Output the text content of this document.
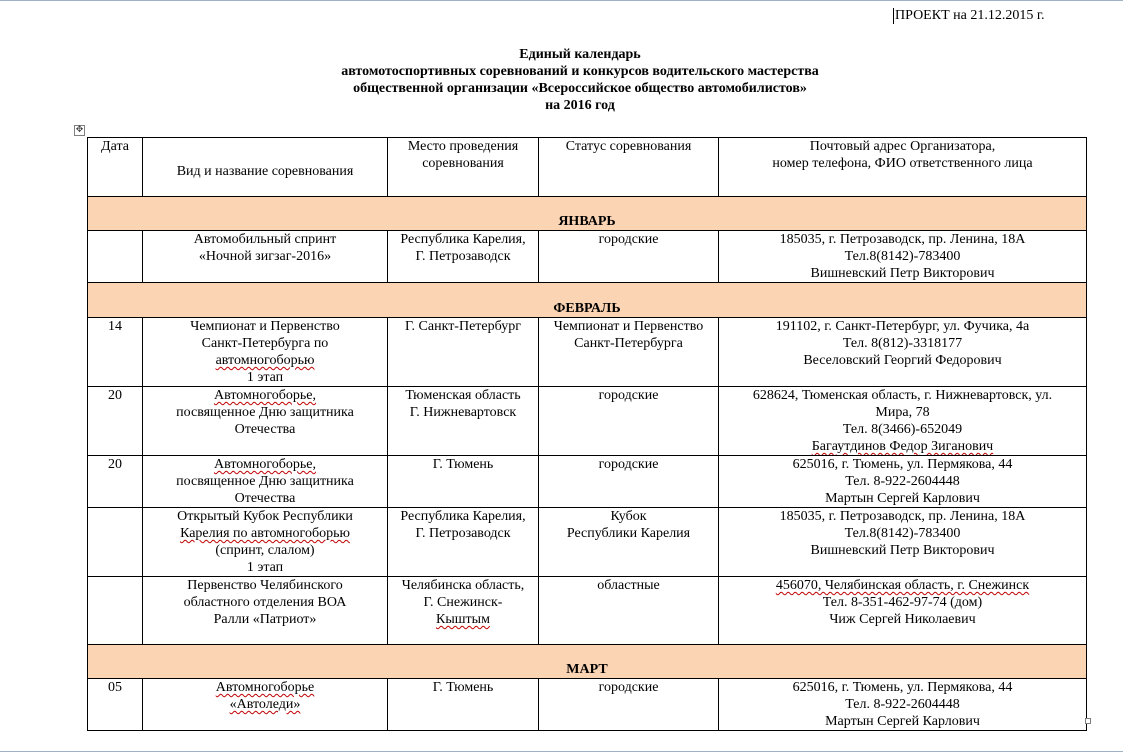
ПРОЕКТ на 21.12.2015 г.
Единый календарь
автомотоспортивных соревнований и конкурсов водительского мастерства
общественной организации «Всероссийское общество автомобилистов»
на 2016 год
✥
Дата	Вид и название соревнования	Место проведения
соревнования	Статус соревнования	Почтовый адрес Организатора,
номер телефона, ФИО ответственного лица

ЯНВАРЬ				

	Автомобильный спринт
«Ночной зигзаг-2016»	Республика Карелия,
Г. Петрозаводск	городские	185035, г. Петрозаводск, пр. Ленина, 18А
Тел.8(8142)-783400
Вишневский Петр Викторович

ФЕВРАЛЬ				
14	Чемпионат и Первенство
Санкт-Петербурга по
автомногоборью
1 этап	Г. Санкт-Петербург	Чемпионат и Первенство
Санкт-Петербурга	191102, г. Санкт-Петербург, ул. Фучика, 4а
Тел. 8(812)-3318177
Веселовский Георгий Федорович

20	Автомногоборье,
посвященное Дню защитника
Отечества	Тюменская область
Г. Нижневартовск	городские	628624, Тюменская область, г. Нижневартовск, ул.
Мира, 78
Тел. 8(3466)-652049
Багаутдинов Федор Зиганович

20	Автомногоборье,
посвященное Дню защитника
Отечества	Г. Тюмень	городские	625016, г. Тюмень, ул. Пермякова, 44
Тел. 8-922-2604448
Мартын Сергей Карлович

	Открытый Кубок Республики
Карелия по автомногоборью
(спринт, слалом)
1 этап	Республика Карелия,
Г. Петрозаводск	Кубок
Республики Карелия	185035, г. Петрозаводск, пр. Ленина, 18А
Тел.8(8142)-783400
Вишневский Петр Викторович

	Первенство Челябинского
областного отделения ВОА
Ралли «Патриот»	Челябинска область,
Г. Снежинск-
Кыштым	областные	456070, Челябинская область, г. Снежинск
Тел. 8-351-462-97-74 (дом)
Чиж Сергей Николаевич

МАРТ				
05	Автомногоборье
«Автоледи»	Г. Тюмень	городские	625016, г. Тюмень, ул. Пермякова, 44
Тел. 8-922-2604448
Мартын Сергей Карлович
